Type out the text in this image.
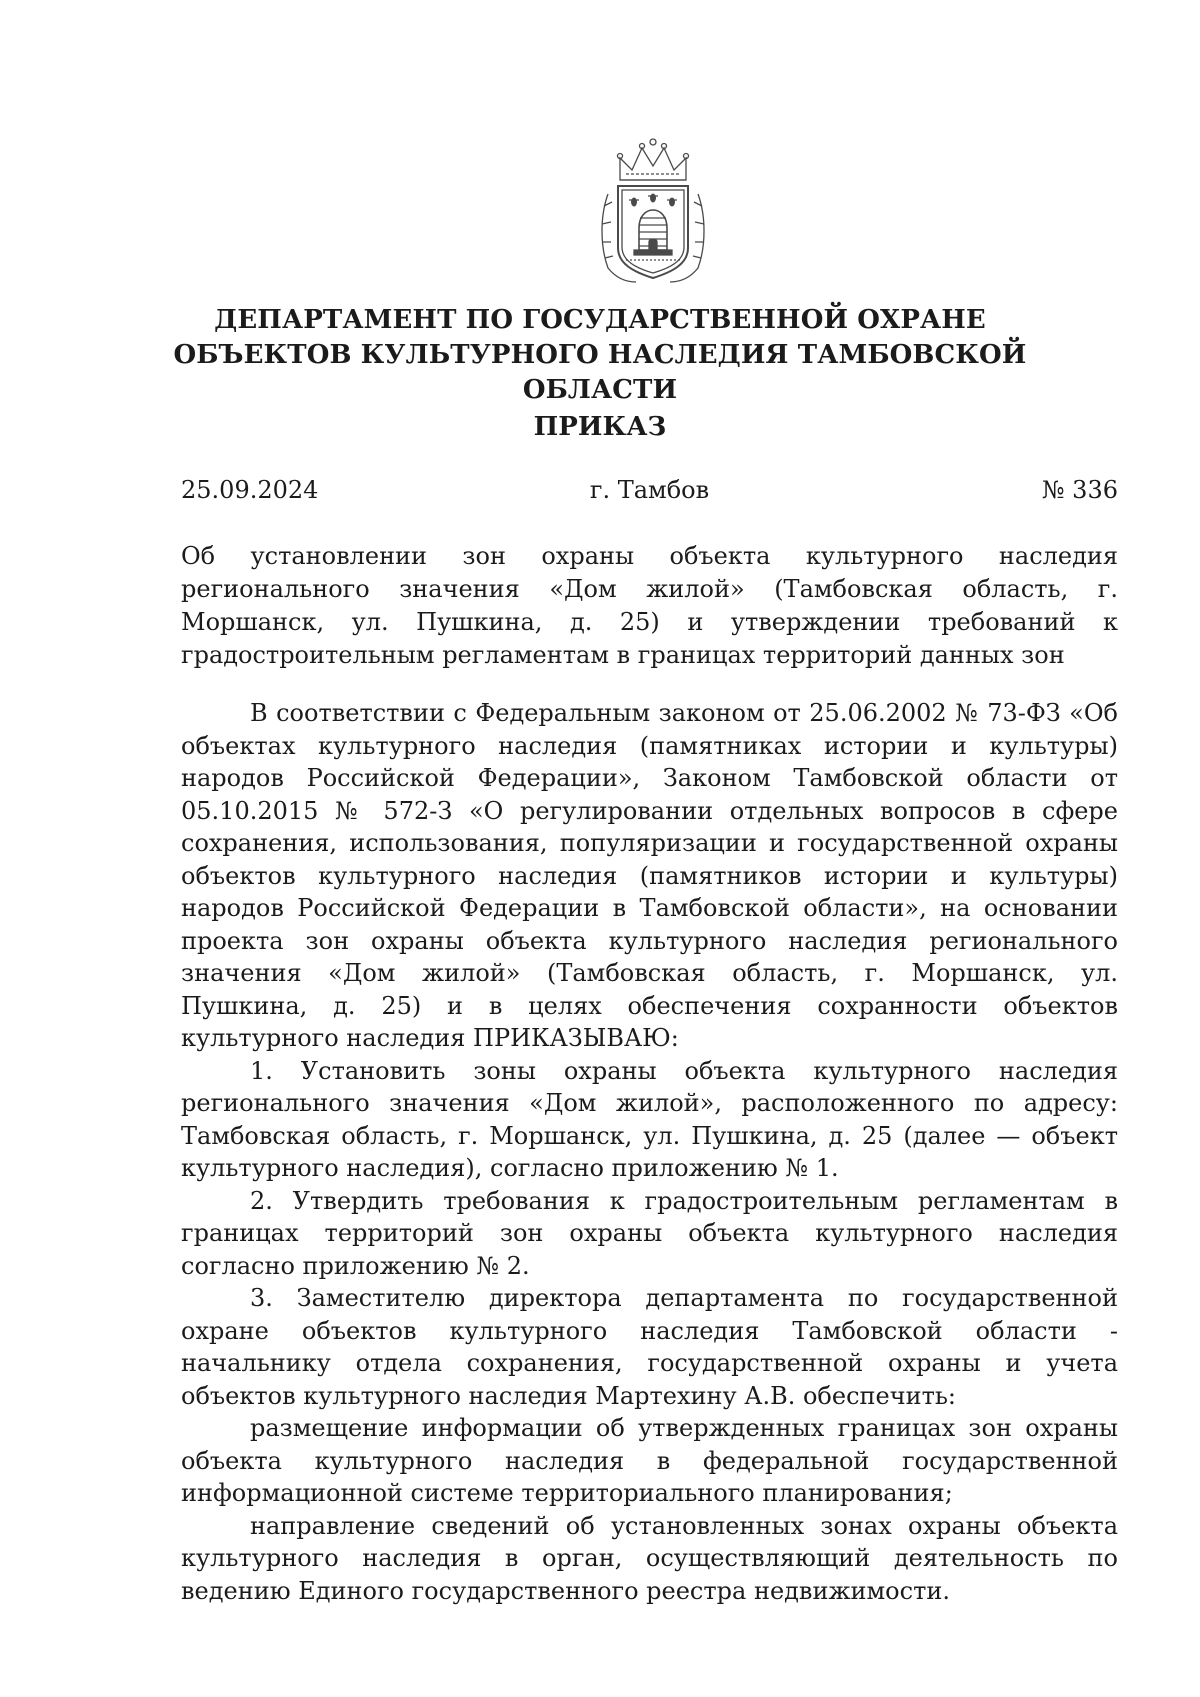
ДЕПАРТАМЕНТ ПО ГОСУДАРСТВЕННОЙ ОХРАНЕ ОБЪЕКТОВ КУЛЬТУРНОГО НАСЛЕДИЯ ТАМБОВСКОЙ ОБЛАСТИ
ПРИКАЗ
г. Тамбов
25.09.2024	№ 336
Об установлении зон охраны объекта культурного наследия регионального значения «Дом жилой» (Тамбовская область, г. Моршанск, ул. Пушкина, д. 25) и утверждении требований к градостроительным регламентам в границах территорий данных зон

В соответствии с Федеральным законом от 25.06.2002 № 73-ФЗ «Об объектах культурного наследия (памятниках истории и культуры) народов Российской Федерации», Законом Тамбовской области от 05.10.2015 № 572-З «О регулировании отдельных вопросов в сфере сохранения, использования, популяризации и государственной охраны объектов культурного наследия (памятников истории и культуры) народов Российской Федерации в Тамбовской области», на основании проекта зон охраны объекта культурного наследия регионального значения «Дом жилой» (Тамбовская область, г. Моршанск, ул. Пушкина, д. 25) и в целях обеспечения сохранности объектов культурного наследия ПРИКАЗЫВАЮ:

1. Установить зоны охраны объекта культурного наследия регионального значения «Дом жилой», расположенного по адресу: Тамбовская область, г. Моршанск, ул. Пушкина, д. 25 (далее — объект культурного наследия), согласно приложению № 1.

2. Утвердить требования к градостроительным регламентам в границах территорий зон охраны объекта культурного наследия согласно приложению № 2.

3. Заместителю директора департамента по государственной охране объектов культурного наследия Тамбовской области - начальнику отдела сохранения, государственной охраны и учета объектов культурного наследия Мартехину А.В. обеспечить:

размещение информации об утвержденных границах зон охраны объекта культурного наследия в федеральной государственной информационной системе территориального планирования;

направление сведений об установленных зонах охраны объекта культурного наследия в орган, осуществляющий деятельность по ведению Единого государственного реестра недвижимости.
